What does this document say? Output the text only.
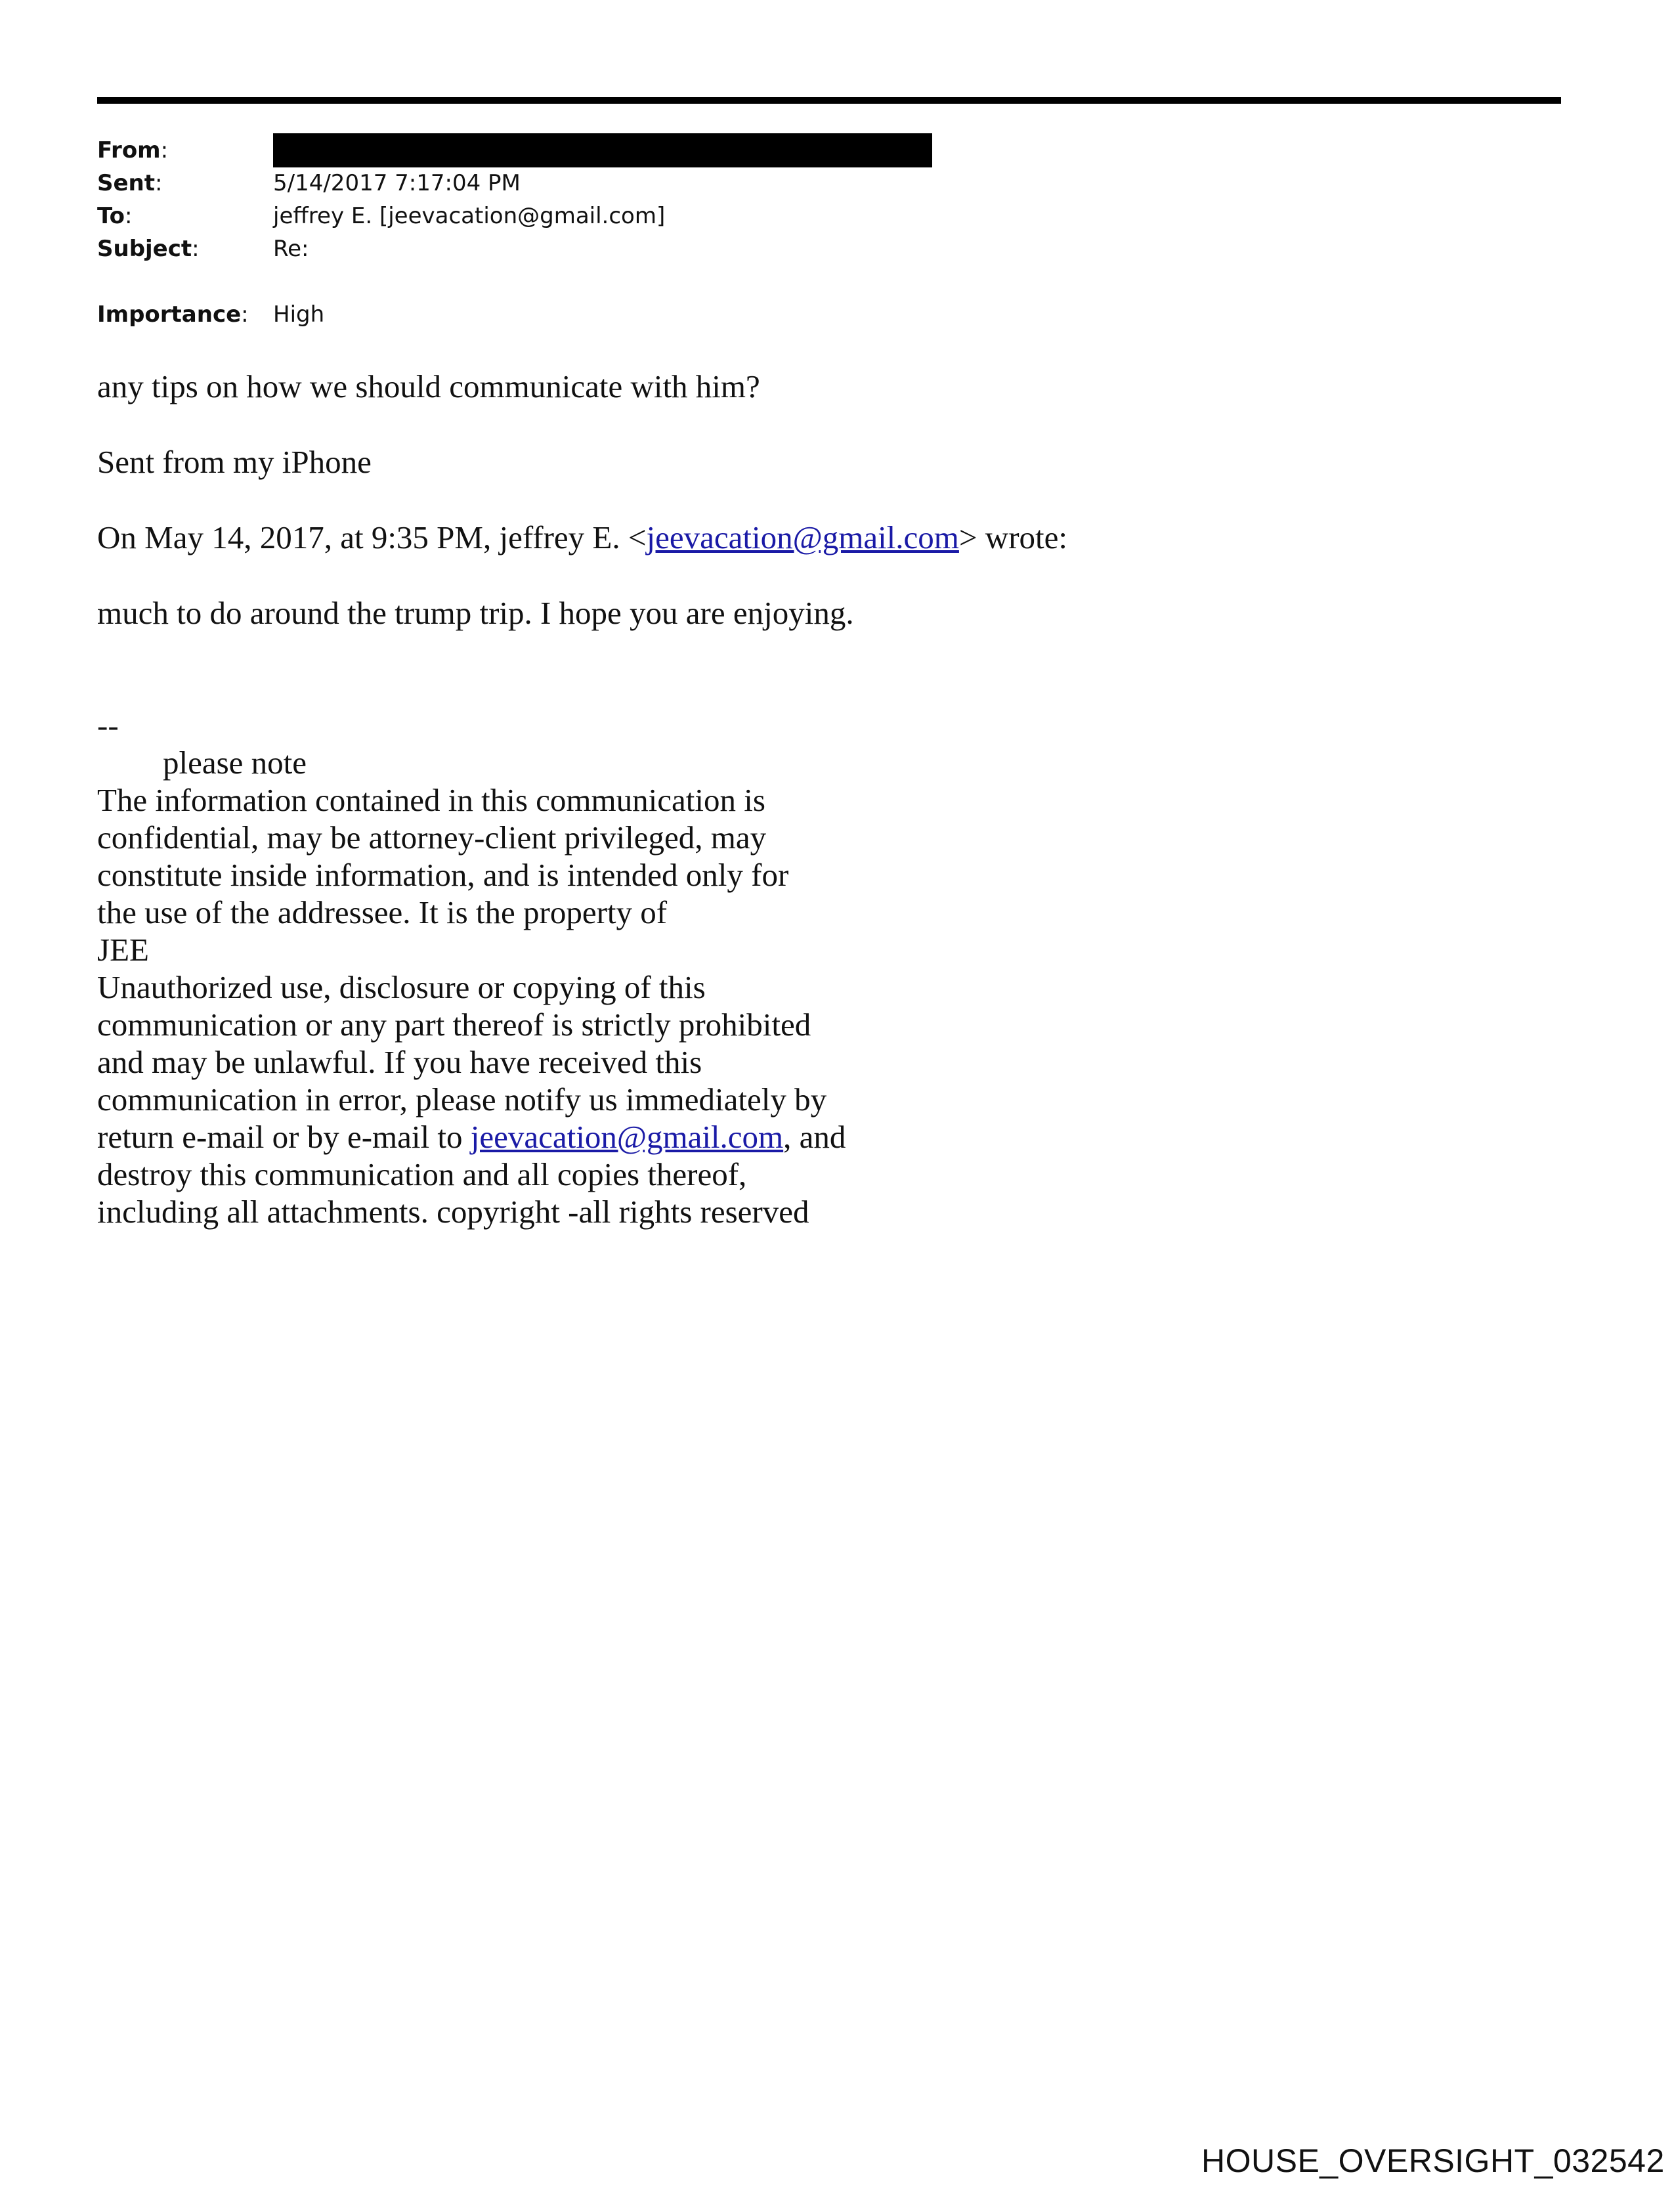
From:
Sent:	5/14/2017 7:17:04 PM
To:	jeffrey E. [jeevacation@gmail.com]
Subject:	Re:
Importance:	High

any tips on how we should communicate with him?

Sent from my iPhone

On May 14, 2017, at 9:35 PM, jeffrey E. <jeevacation@gmail.com> wrote:

much to do around the trump trip. I hope you are enjoying.

--

please note

The information contained in this communication is

confidential, may be attorney-client privileged, may

constitute inside information, and is intended only for

the use of the addressee. It is the property of

JEE

Unauthorized use, disclosure or copying of this

communication or any part thereof is strictly prohibited

and may be unlawful. If you have received this

communication in error, please notify us immediately by

return e-mail or by e-mail to jeevacation@gmail.com, and

destroy this communication and all copies thereof,

including all attachments. copyright -all rights reserved

HOUSE_OVERSIGHT_032542
